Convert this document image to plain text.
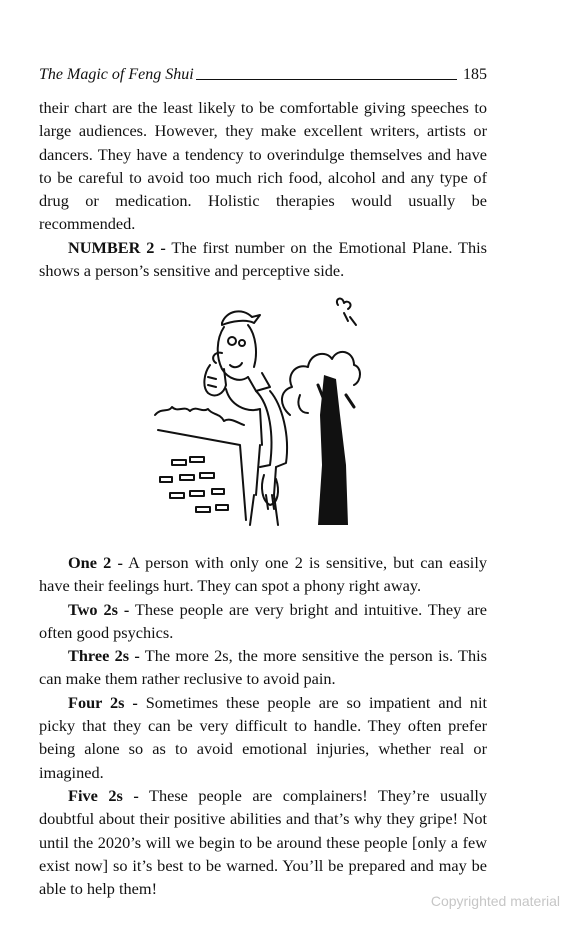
The Magic of Feng Shui	185

their chart are the least likely to be comfortable giving speeches to large audiences. However, they make excellent writers, artists or dancers. They have a tendency to overindulge themselves and have to be careful to avoid too much rich food, alcohol and any type of drug or medication. Holistic therapies would usually be recommended.

NUMBER 2 - The first number on the Emotional Plane. This shows a person’s sensitive and perceptive side.

One 2 - A person with only one 2 is sensitive, but can easily have their feelings hurt. They can spot a phony right away.

Two 2s - These people are very bright and intuitive. They are often good psychics.

Three 2s - The more 2s, the more sensitive the person is. This can make them rather reclusive to avoid pain.

Four 2s - Sometimes these people are so impatient and nit picky that they can be very difficult to handle. They often prefer being alone so as to avoid emotional injuries, whether real or imagined.

Five 2s - These people are complainers! They’re usually doubtful about their positive abilities and that’s why they gripe! Not until the 2020’s will we begin to be around these people [only a few exist now] so it’s best to be warned. You’ll be prepared and may be able to help them!

Copyrighted material
